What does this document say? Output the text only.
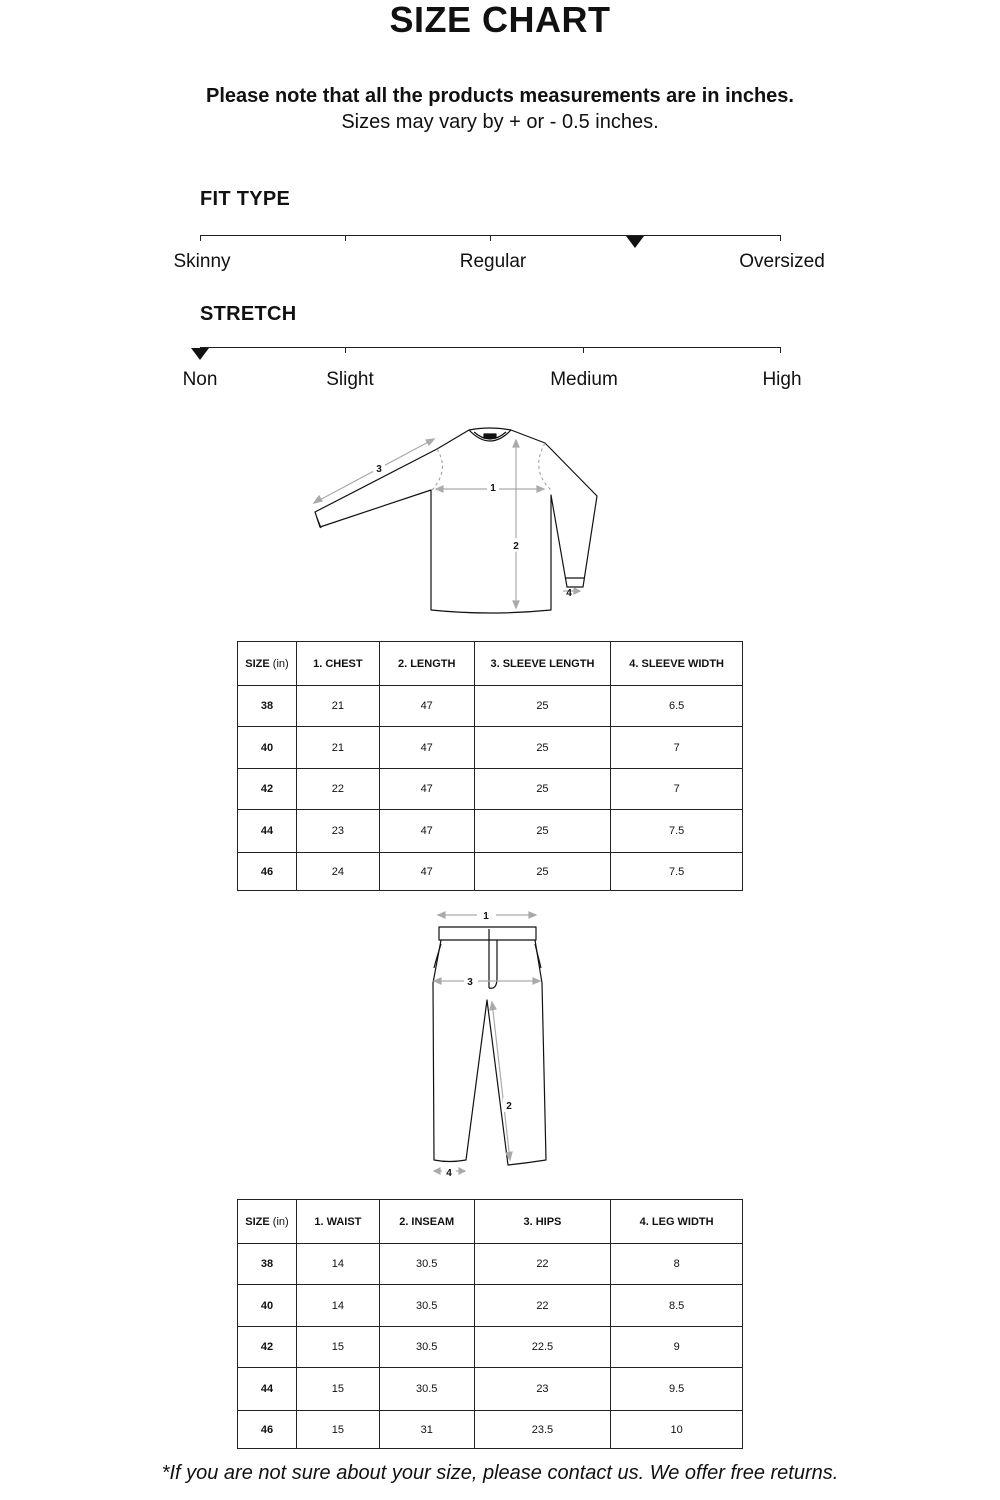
SIZE CHART
Please note that all the products measurements are in inches.
Sizes may vary by + or - 0.5 inches.
FIT TYPE
Skinny	Regular	Oversized
STRETCH
Non	Slight	Medium	High
1
2
3
4
SIZE (in)	1. CHEST	2. LENGTH	3. SLEEVE LENGTH	4. SLEEVE WIDTH
38	21	47	25	6.5
40	21	47	25	7
42	22	47	25	7
44	23	47	25	7.5
46	24	47	25	7.5
1
2
3
4
SIZE (in)	1. WAIST	2. INSEAM	3. HIPS	4. LEG WIDTH
38	14	30.5	22	8
40	14	30.5	22	8.5
42	15	30.5	22.5	9
44	15	30.5	23	9.5
46	15	31	23.5	10
*If you are not sure about your size, please contact us. We offer free returns.
